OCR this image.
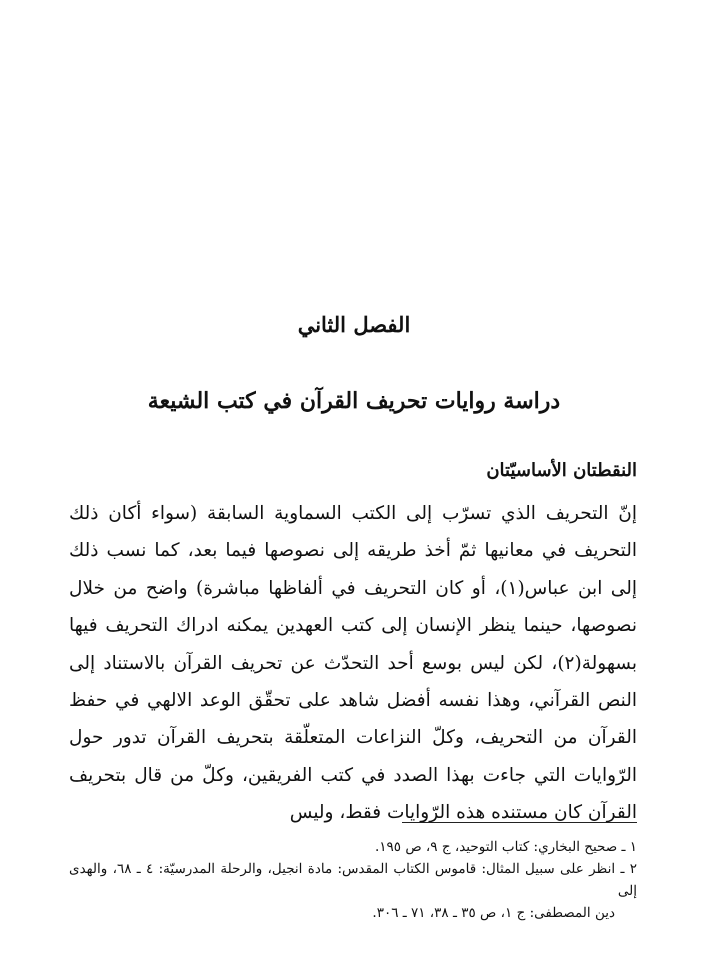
الفصل الثاني
دراسة روايات تحريف القرآن في كتب الشيعة
النقطتان الأساسيّتان

إنّ التحريف الذي تسرّب إلى الكتب السماوية السابقة (سواء أكان ذلك التحريف في معانيها ثمّ أخذ طريقه إلى نصوصها فيما بعد، كما نسب ذلك إلى ابن عباس(١)، أو كان التحريف في ألفاظها مباشرة) واضح من خلال نصوصها، حينما ينظر الإنسان إلى كتب العهدين يمكنه ادراك التحريف فيها بسهولة(٢)، لكن ليس بوسع أحد التحدّث عن تحريف القرآن بالاستناد إلى النص القرآني، وهذا نفسه أفضل شاهد على تحقّق الوعد الالهي في حفظ القرآن من التحريف، وكلّ النزاعات المتعلّقة بتحريف القرآن تدور حول الرّوايات التي جاءت بهذا الصدد في كتب الفريقين، وكلّ من قال بتحريف القرآن كان مستنده هذه الرّوايات فقط، وليس

١ ـ صحيح البخاري: كتاب التوحيد، ج ٩، ص ١٩٥.

٢ ـ انظر على سبيل المثال: قاموس الكتاب المقدس: مادة انجيل، والرحلة المدرسيّة: ٤ ـ ٦٨، والهدى إلى
دين المصطفى: ج ١، ص ٣٥ ـ ٣٨، ٧١ ـ ٣٠٦.
